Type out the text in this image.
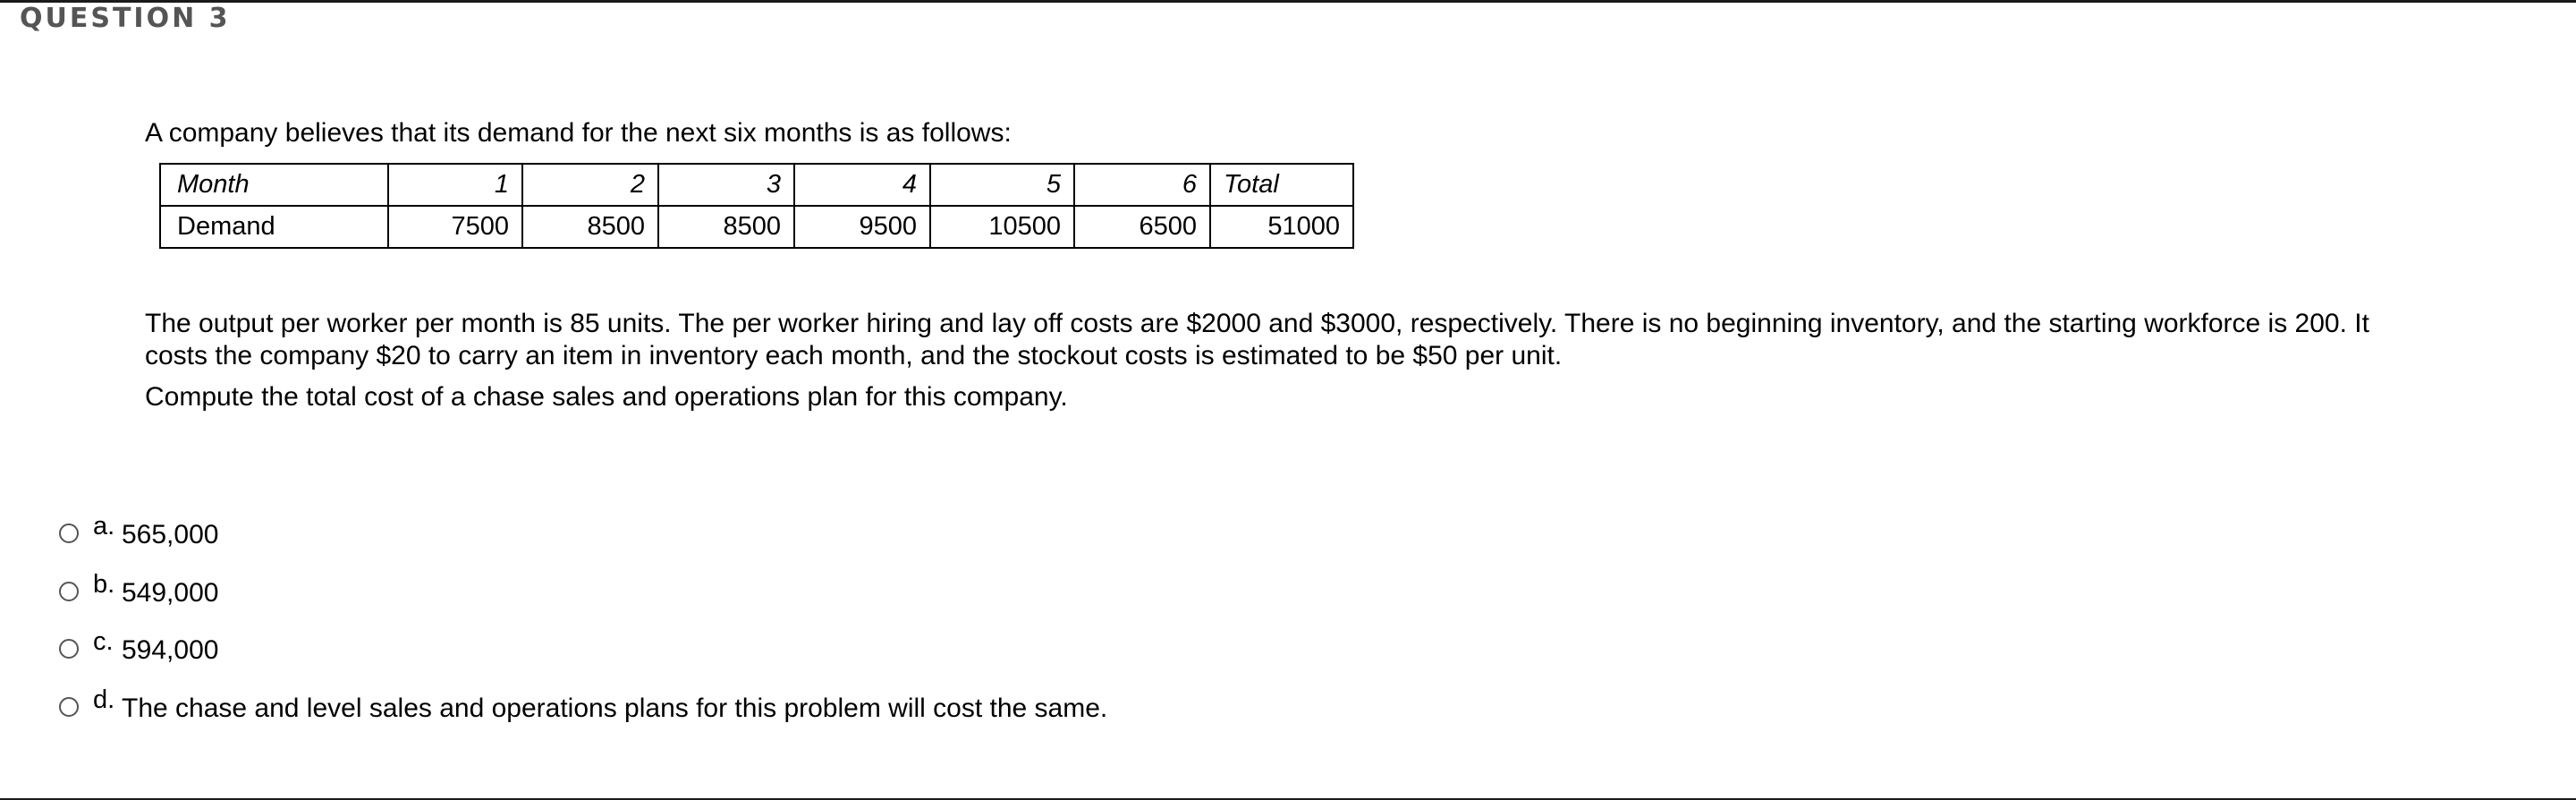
QUESTION 3
A company believes that its demand for the next six months is as follows:
Month	1	2	3	4	5	6	Total
Demand	7500	8500	8500	9500	10500	6500	51000

The output per worker per month is 85 units. The per worker hiring and lay off costs are $2000 and $3000, respectively. There is no beginning inventory, and the starting workforce is 200. It costs the company $20 to carry an item in inventory each month, and the stockout costs is estimated to be $50 per unit.

Compute the total cost of a chase sales and operations plan for this company.

a. 565,000
b. 549,000
c. 594,000
d. The chase and level sales and operations plans for this problem will cost the same.
